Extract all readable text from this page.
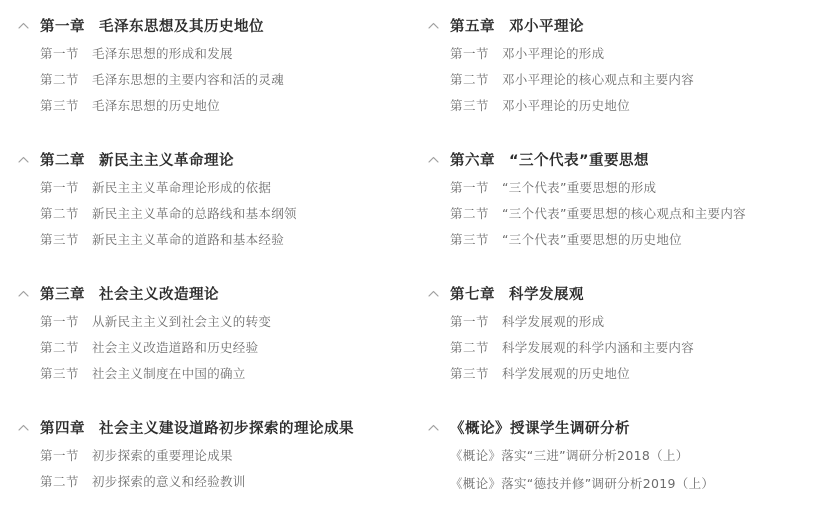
第一章 毛泽东思想及其历史地位
第一节	毛泽东思想的形成和发展
第二节	毛泽东思想的主要内容和活的灵魂
第三节	毛泽东思想的历史地位
第二章 新民主主义革命理论
第一节	新民主主义革命理论形成的依据
第二节	新民主主义革命的总路线和基本纲领
第三节	新民主主义革命的道路和基本经验
第三章 社会主义改造理论
第一节	从新民主主义到社会主义的转变
第二节	社会主义改造道路和历史经验
第三节	社会主义制度在中国的确立
第四章 社会主义建设道路初步探索的理论成果
第一节	初步探索的重要理论成果
第二节	初步探索的意义和经验教训
第五章 邓小平理论
第一节	邓小平理论的形成
第二节	邓小平理论的核心观点和主要内容
第三节	邓小平理论的历史地位
第六章 “三个代表”重要思想
第一节	“三个代表”重要思想的形成
第二节	“三个代表”重要思想的核心观点和主要内容
第三节	“三个代表”重要思想的历史地位
第七章 科学发展观
第一节	科学发展观的形成
第二节	科学发展观的科学内涵和主要内容
第三节	科学发展观的历史地位
《概论》授课学生调研分析
《概论》落实“三进”调研分析2018（上）
《概论》落实“德技并修”调研分析2019（上）
